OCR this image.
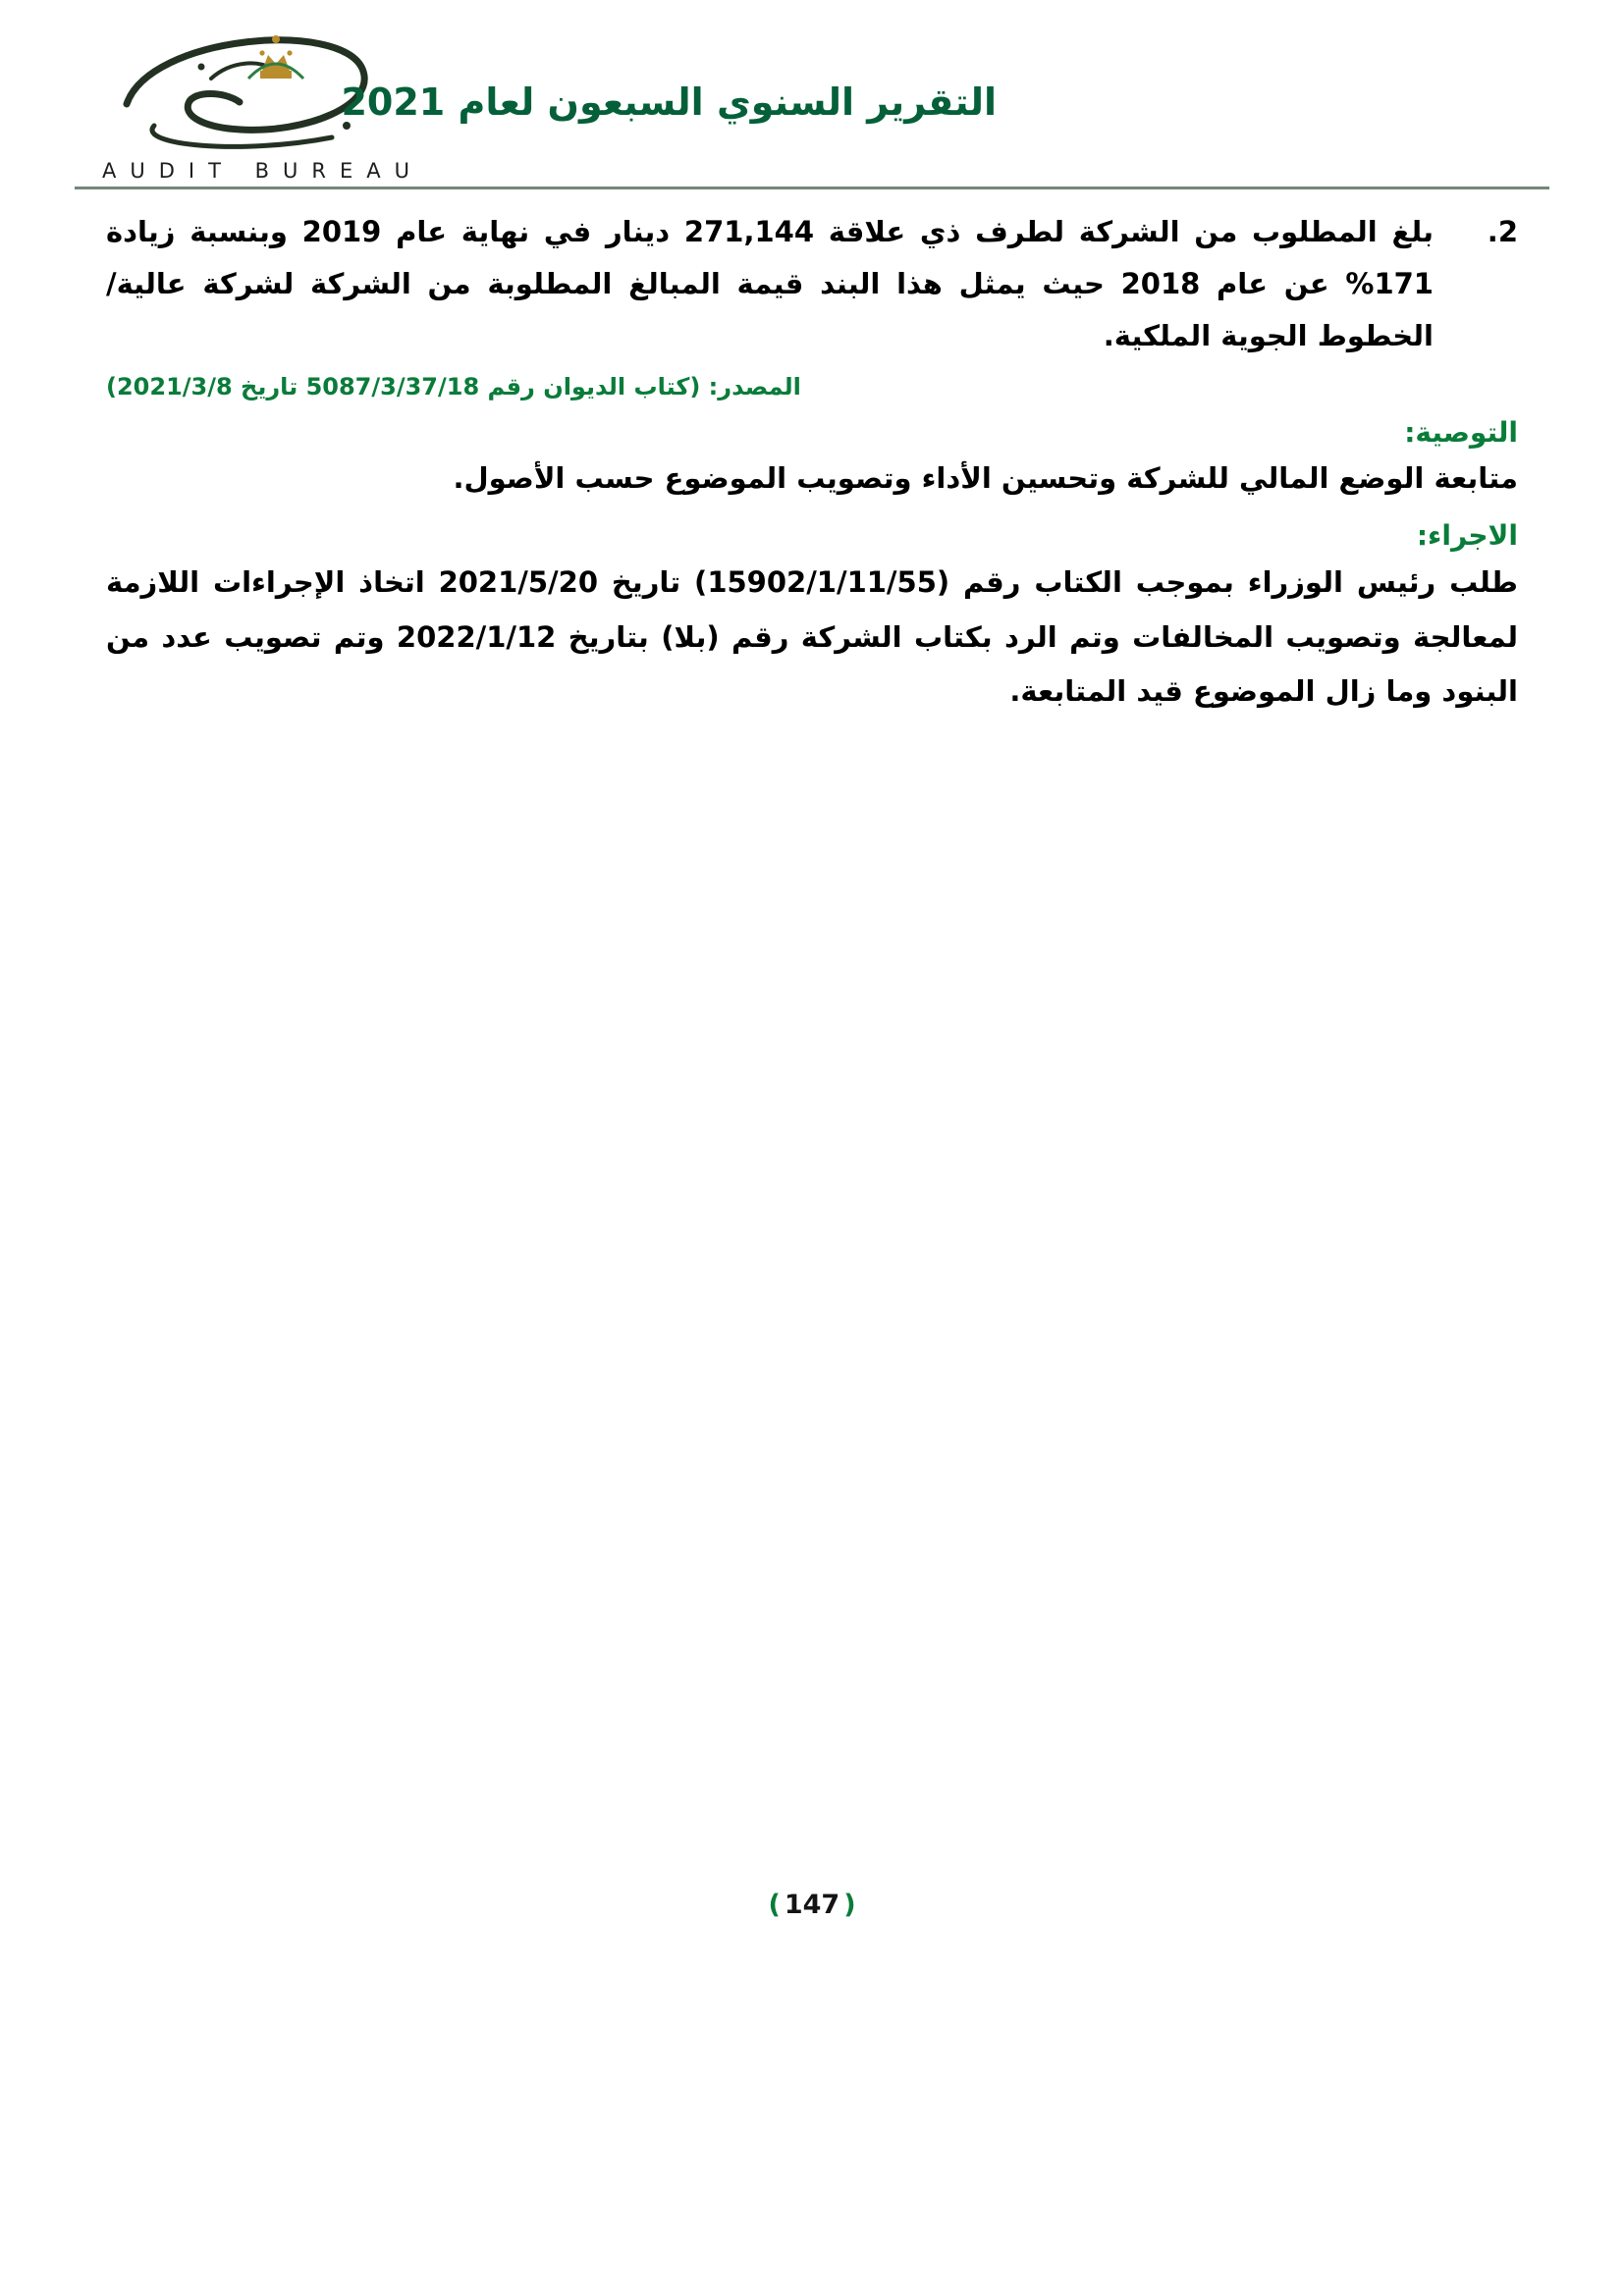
AUDIT BUREAU
التقرير السنوي السبعون لعام 2021
2.
بلغ المطلوب من الشركة لطرف ذي علاقة 271,144 دينار في نهاية عام 2019 وبنسبة زيادة 171% عن عام 2018 حيث يمثل هذا البند قيمة المبالغ المطلوبة من الشركة لشركة عالية/ الخطوط الجوية الملكية.
المصدر: (كتاب الديوان رقم 5087/3/37/18 تاريخ 2021/3/8)
التوصية:
متابعة الوضع المالي للشركة وتحسين الأداء وتصويب الموضوع حسب الأصول.
الاجراء:
طلب رئيس الوزراء بموجب الكتاب رقم (15902/1/11/55) تاريخ 2021/5/20 اتخاذ الإجراءات اللازمة لمعالجة وتصويب المخالفات وتم الرد بكتاب الشركة رقم (بلا) بتاريخ 2022/1/12 وتم تصويب عدد من البنود وما زال الموضوع قيد المتابعة.
(147)
